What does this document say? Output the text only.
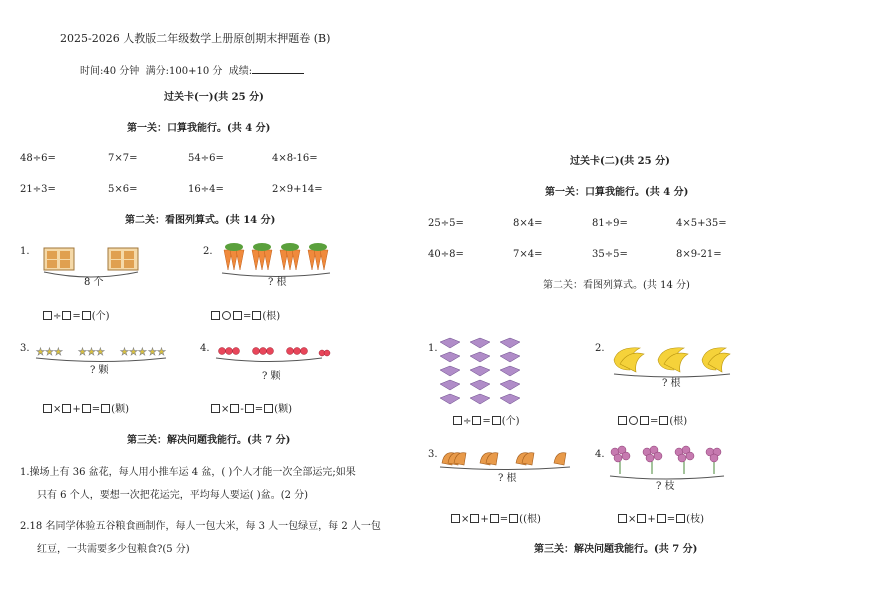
2025-2026 人教版二年级数学上册原创期末押题卷 (B)
时间:40 分钟 满分:100+10 分 成绩:
过关卡(一)(共 25 分)
第一关：口算我能行。(共 4 分)
48÷6=	7×7=	54÷6=	4×8-16=
21÷3=	5×6=	16÷4=	2×9+14=
第二关：看图列算式。(共 14 分)
1.
8 个
÷ = (个)
2.
? 根
= (根)
3. ★★★ ★★★ ★★★ ★★
? 颗
× + = (颗)
4.
? 颗
× - = (颗)
第三关：解决问题我能行。(共 7 分)
1.操场上有 36 盆花，每人用小推车运 4 盆，( )个人才能一次全部运完;如果
只有 6 个人，要想一次把花运完，平均每人要运( )盆。(2 分)
2.18 名同学体验五谷粮食画制作，每人一包大米，每 3 人一包绿豆，每 2 人一包
红豆，一共需要多少包粮食?(5 分)
过关卡(二)(共 25 分)
第一关：口算我能行。(共 4 分)
25÷5=	8×4=	81÷9=	4×5+35=
40÷8=	7×4=	35÷5=	8×9-21=
第二关：看图列算式。(共 14 分)
1.
÷ = (个)
2.
? 根
= (根)
3.
? 根
× + = ((根)
4.
? 枝
× + = (枝)
第三关：解决问题我能行。(共 7 分)
